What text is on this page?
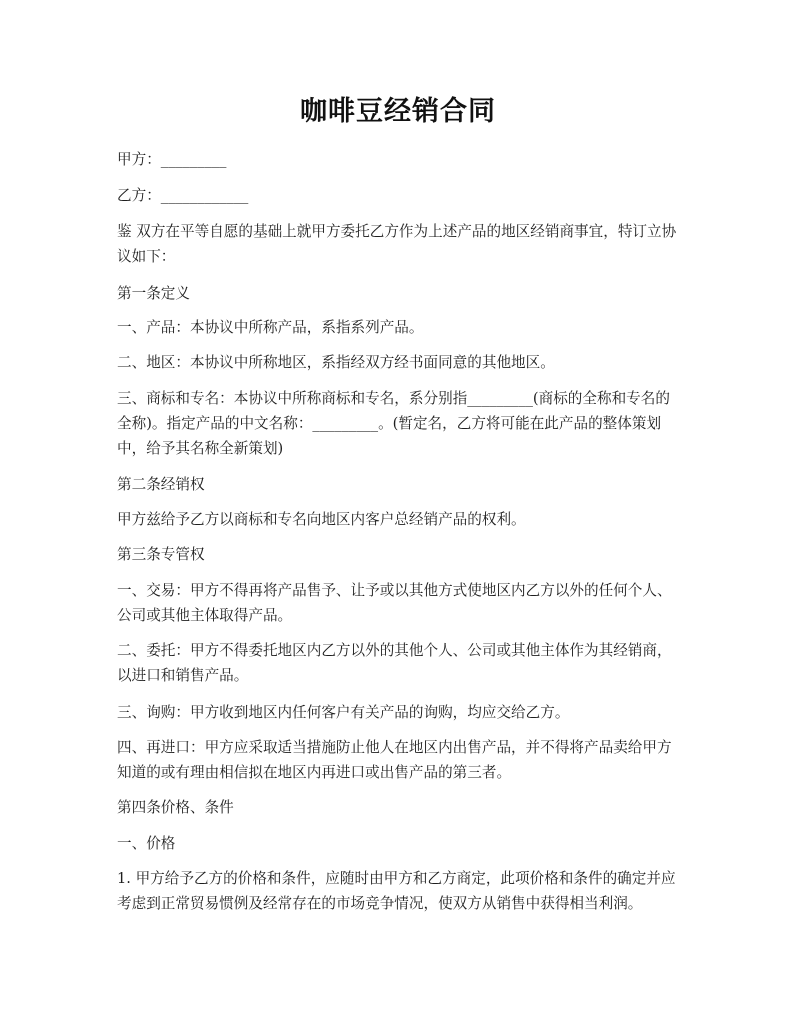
咖啡豆经销合同

甲方：_________

乙方：____________

鉴 双方在平等自愿的基础上就甲方委托乙方作为上述产品的地区经销商事宜，特订立协议如下：

第一条定义

一、产品：本协议中所称产品，系指系列产品。

二、地区：本协议中所称地区，系指经双方经书面同意的其他地区。

三、商标和专名：本协议中所称商标和专名，系分别指_________(商标的全称和专名的全称)。指定产品的中文名称：_________。(暂定名，乙方将可能在此产品的整体策划中，给予其名称全新策划)

第二条经销权

甲方兹给予乙方以商标和专名向地区内客户总经销产品的权利。

第三条专管权

一、交易：甲方不得再将产品售予、让予或以其他方式使地区内乙方以外的任何个人、公司或其他主体取得产品。

二、委托：甲方不得委托地区内乙方以外的其他个人、公司或其他主体作为其经销商，以进口和销售产品。

三、询购：甲方收到地区内任何客户有关产品的询购，均应交给乙方。

四、再进口：甲方应采取适当措施防止他人在地区内出售产品，并不得将产品卖给甲方知道的或有理由相信拟在地区内再进口或出售产品的第三者。

第四条价格、条件

一、价格

1. 甲方给予乙方的价格和条件，应随时由甲方和乙方商定，此项价格和条件的确定并应考虑到正常贸易惯例及经常存在的市场竞争情况，使双方从销售中获得相当利润。
